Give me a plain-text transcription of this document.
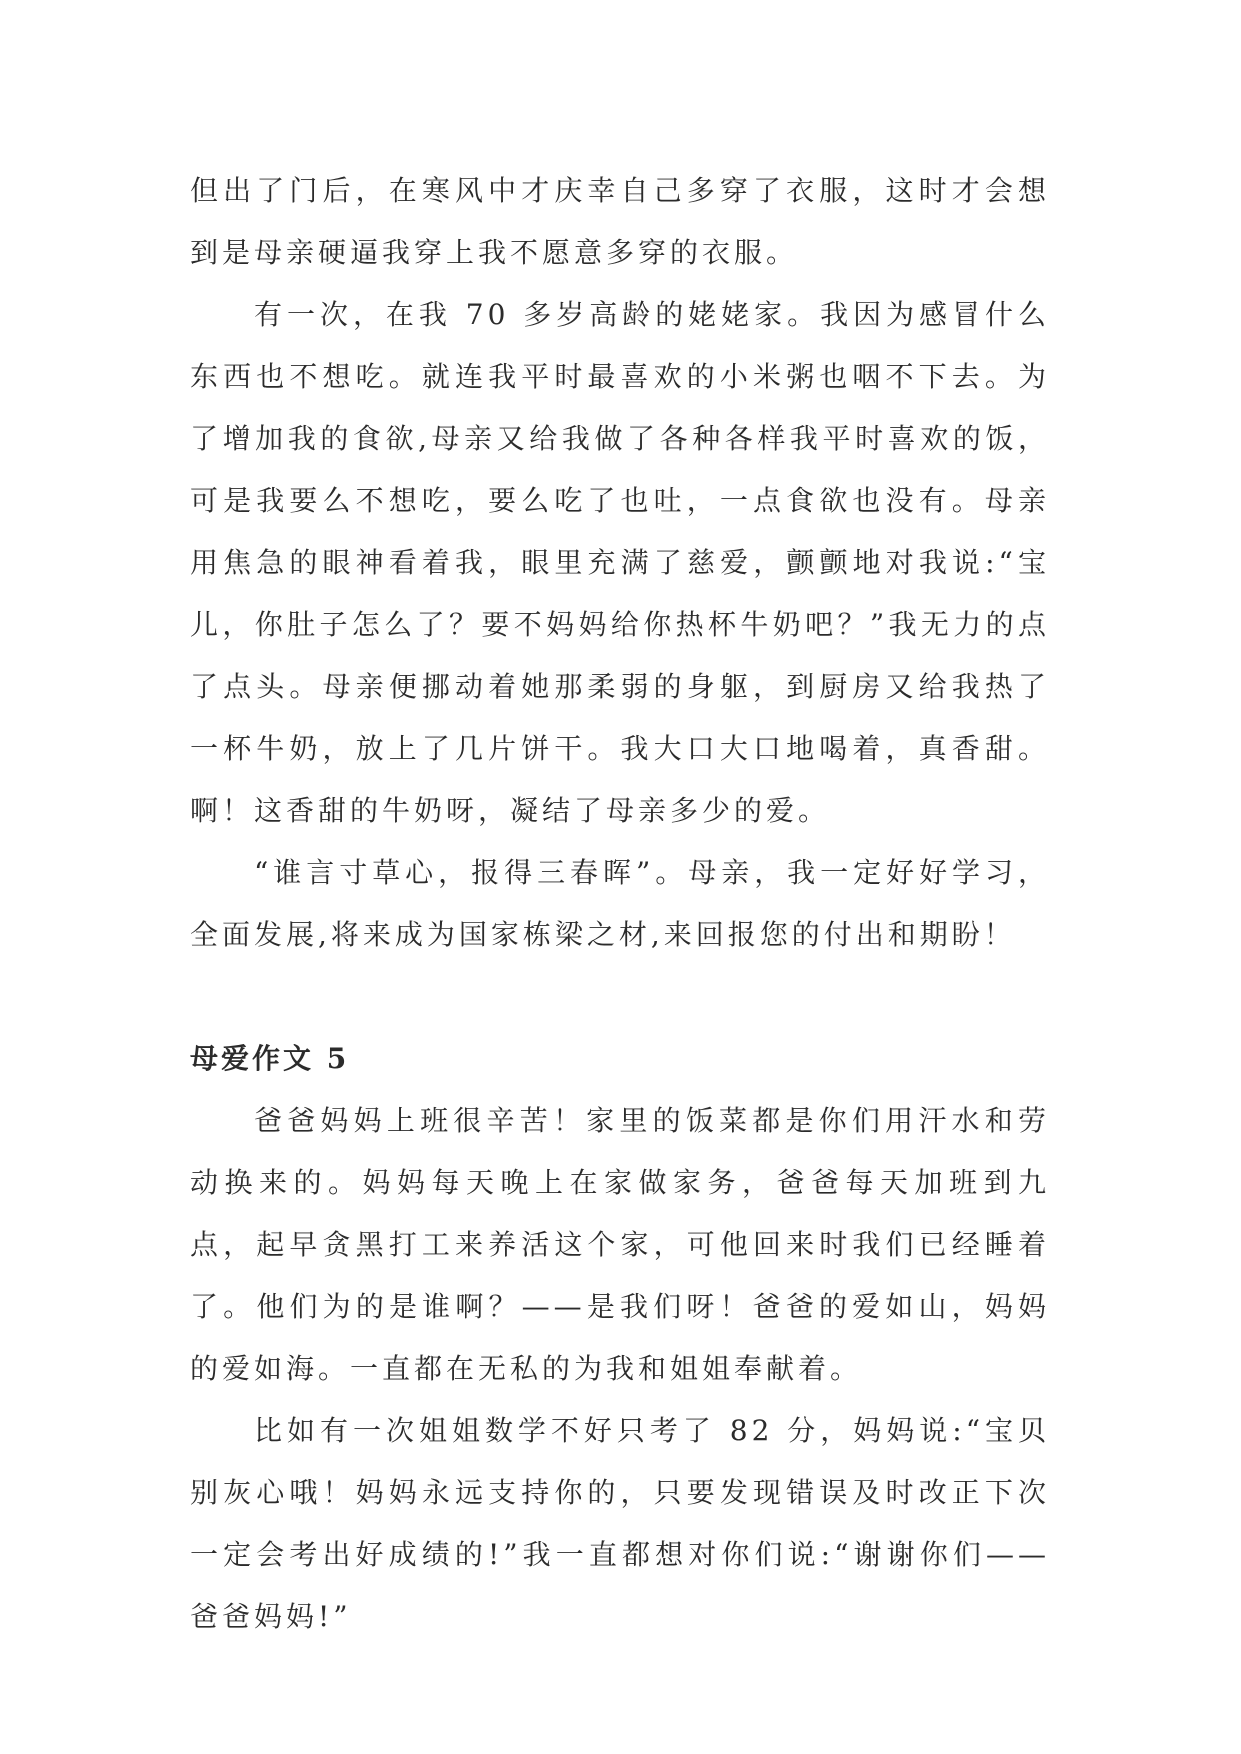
但出了门后，在寒风中才庆幸自己多穿了衣服，这时才会想到是母亲硬逼我穿上我不愿意多穿的衣服。

有一次，在我 70 多岁高龄的姥姥家。我因为感冒什么东西也不想吃。就连我平时最喜欢的小米粥也咽不下去。为了增加我的食欲,母亲又给我做了各种各样我平时喜欢的饭，可是我要么不想吃，要么吃了也吐，一点食欲也没有。母亲用焦急的眼神看着我，眼里充满了慈爱，颤颤地对我说:“宝儿，你肚子怎么了？要不妈妈给你热杯牛奶吧？”我无力的点了点头。母亲便挪动着她那柔弱的身躯，到厨房又给我热了一杯牛奶，放上了几片饼干。我大口大口地喝着，真香甜。啊！这香甜的牛奶呀，凝结了母亲多少的爱。

“谁言寸草心，报得三春晖”。母亲，我一定好好学习，全面发展,将来成为国家栋梁之材,来回报您的付出和期盼！

母爱作文 5

爸爸妈妈上班很辛苦！家里的饭菜都是你们用汗水和劳动换来的。妈妈每天晚上在家做家务，爸爸每天加班到九点，起早贪黑打工来养活这个家，可他回来时我们已经睡着了。他们为的是谁啊？——是我们呀！爸爸的爱如山，妈妈的爱如海。一直都在无私的为我和姐姐奉献着。

比如有一次姐姐数学不好只考了 82 分，妈妈说:“宝贝别灰心哦！妈妈永远支持你的，只要发现错误及时改正下次一定会考出好成绩的!”我一直都想对你们说:“谢谢你们——爸爸妈妈!”
